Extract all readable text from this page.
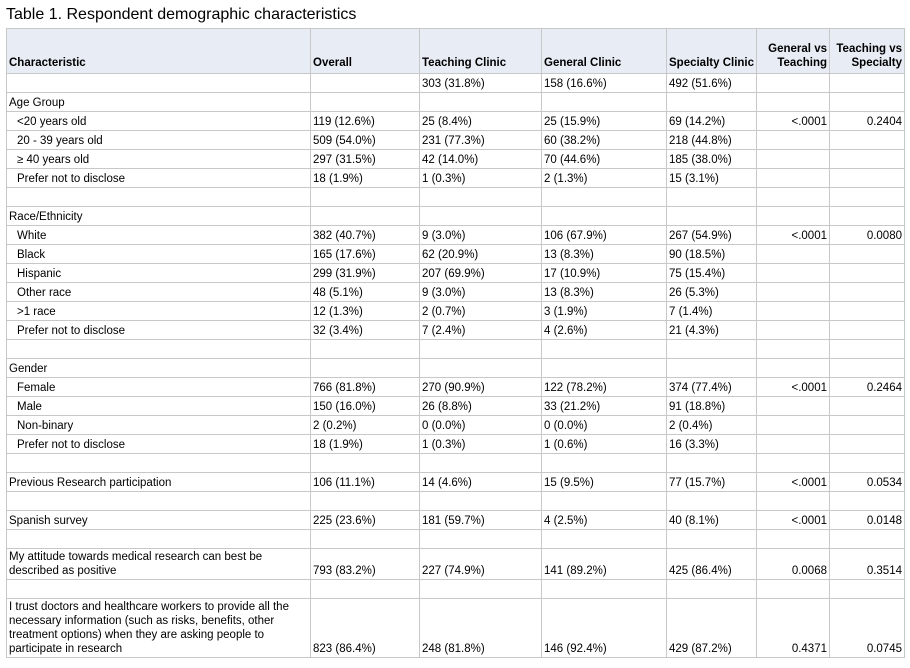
Table 1. Respondent demographic characteristics
Characteristic	Overall	Teaching Clinic	General Clinic	Specialty Clinic	General vs Teaching	Teaching vs Specialty
		303 (31.8%)	158 (16.6%)	492 (51.6%)		
Age Group						
<20 years old	119 (12.6%)	25 (8.4%)	25 (15.9%)	69 (14.2%)	<.0001	0.2404
20 - 39 years old	509 (54.0%)	231 (77.3%)	60 (38.2%)	218 (44.8%)		
≥ 40 years old	297 (31.5%)	42 (14.0%)	70 (44.6%)	185 (38.0%)		
Prefer not to disclose	18 (1.9%)	1 (0.3%)	2 (1.3%)	15 (3.1%)		

Race/Ethnicity						
White	382 (40.7%)	9 (3.0%)	106 (67.9%)	267 (54.9%)	<.0001	0.0080
Black	165 (17.6%)	62 (20.9%)	13 (8.3%)	90 (18.5%)		
Hispanic	299 (31.9%)	207 (69.9%)	17 (10.9%)	75 (15.4%)		
Other race	48 (5.1%)	9 (3.0%)	13 (8.3%)	26 (5.3%)		
>1 race	12 (1.3%)	2 (0.7%)	3 (1.9%)	7 (1.4%)		
Prefer not to disclose	32 (3.4%)	7 (2.4%)	4 (2.6%)	21 (4.3%)		

Gender						
Female	766 (81.8%)	270 (90.9%)	122 (78.2%)	374 (77.4%)	<.0001	0.2464
Male	150 (16.0%)	26 (8.8%)	33 (21.2%)	91 (18.8%)		
Non-binary	2 (0.2%)	0 (0.0%)	0 (0.0%)	2 (0.4%)		
Prefer not to disclose	18 (1.9%)	1 (0.3%)	1 (0.6%)	16 (3.3%)		

Previous Research participation	106 (11.1%)	14 (4.6%)	15 (9.5%)	77 (15.7%)	<.0001	0.0534

Spanish survey	225 (23.6%)	181 (59.7%)	4 (2.5%)	40 (8.1%)	<.0001	0.0148

My attitude towards medical research can best be described as positive	793 (83.2%)	227 (74.9%)	141 (89.2%)	425 (86.4%)	0.0068	0.3514

I trust doctors and healthcare workers to provide all the necessary information (such as risks, benefits, other treatment options) when they are asking people to participate in research	823 (86.4%)	248 (81.8%)	146 (92.4%)	429 (87.2%)	0.4371	0.0745
